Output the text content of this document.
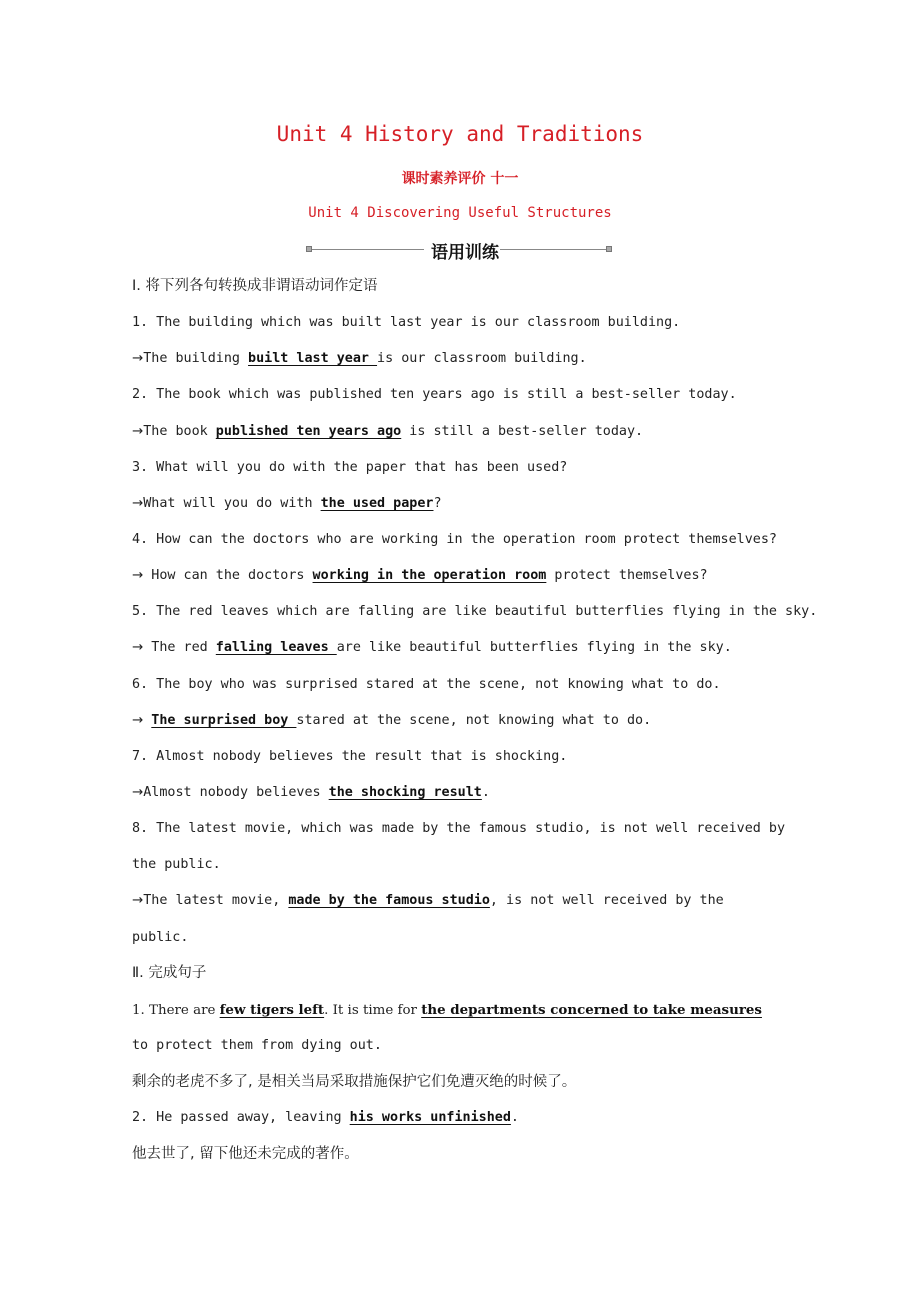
Unit 4 History and Traditions
课时素养评价 十一
Unit 4 Discovering Useful Structures
语用训练
Ⅰ. 将下列各句转换成非谓语动词作定语
1. The building which was built last year is our classroom building.
→The building built last year is our classroom building.
2. The book which was published ten years ago is still a best-seller today.
→The book published ten years ago is still a best-seller today.
3. What will you do with the paper that has been used?
→What will you do with the used paper?
4. How can the doctors who are working in the operation room protect themselves?
→ How can the doctors working in the operation room protect themselves?
5. The red leaves which are falling are like beautiful butterflies flying in the sky.
→ The red falling leaves are like beautiful butterflies flying in the sky.
6. The boy who was surprised stared at the scene, not knowing what to do.
→ The surprised boy stared at the scene, not knowing what to do.
7. Almost nobody believes the result that is shocking.
→Almost nobody believes the shocking result.
8. The latest movie, which was made by the famous studio, is not well received by
the public.
→The latest movie, made by the famous studio, is not well received by the
public.
Ⅱ. 完成句子
1. There are few tigers left. It is time for the departments concerned to take measures
to protect them from dying out.
剩余的老虎不多了, 是相关当局采取措施保护它们免遭灭绝的时候了。
2. He passed away, leaving his works unfinished.
他去世了, 留下他还未完成的著作。
